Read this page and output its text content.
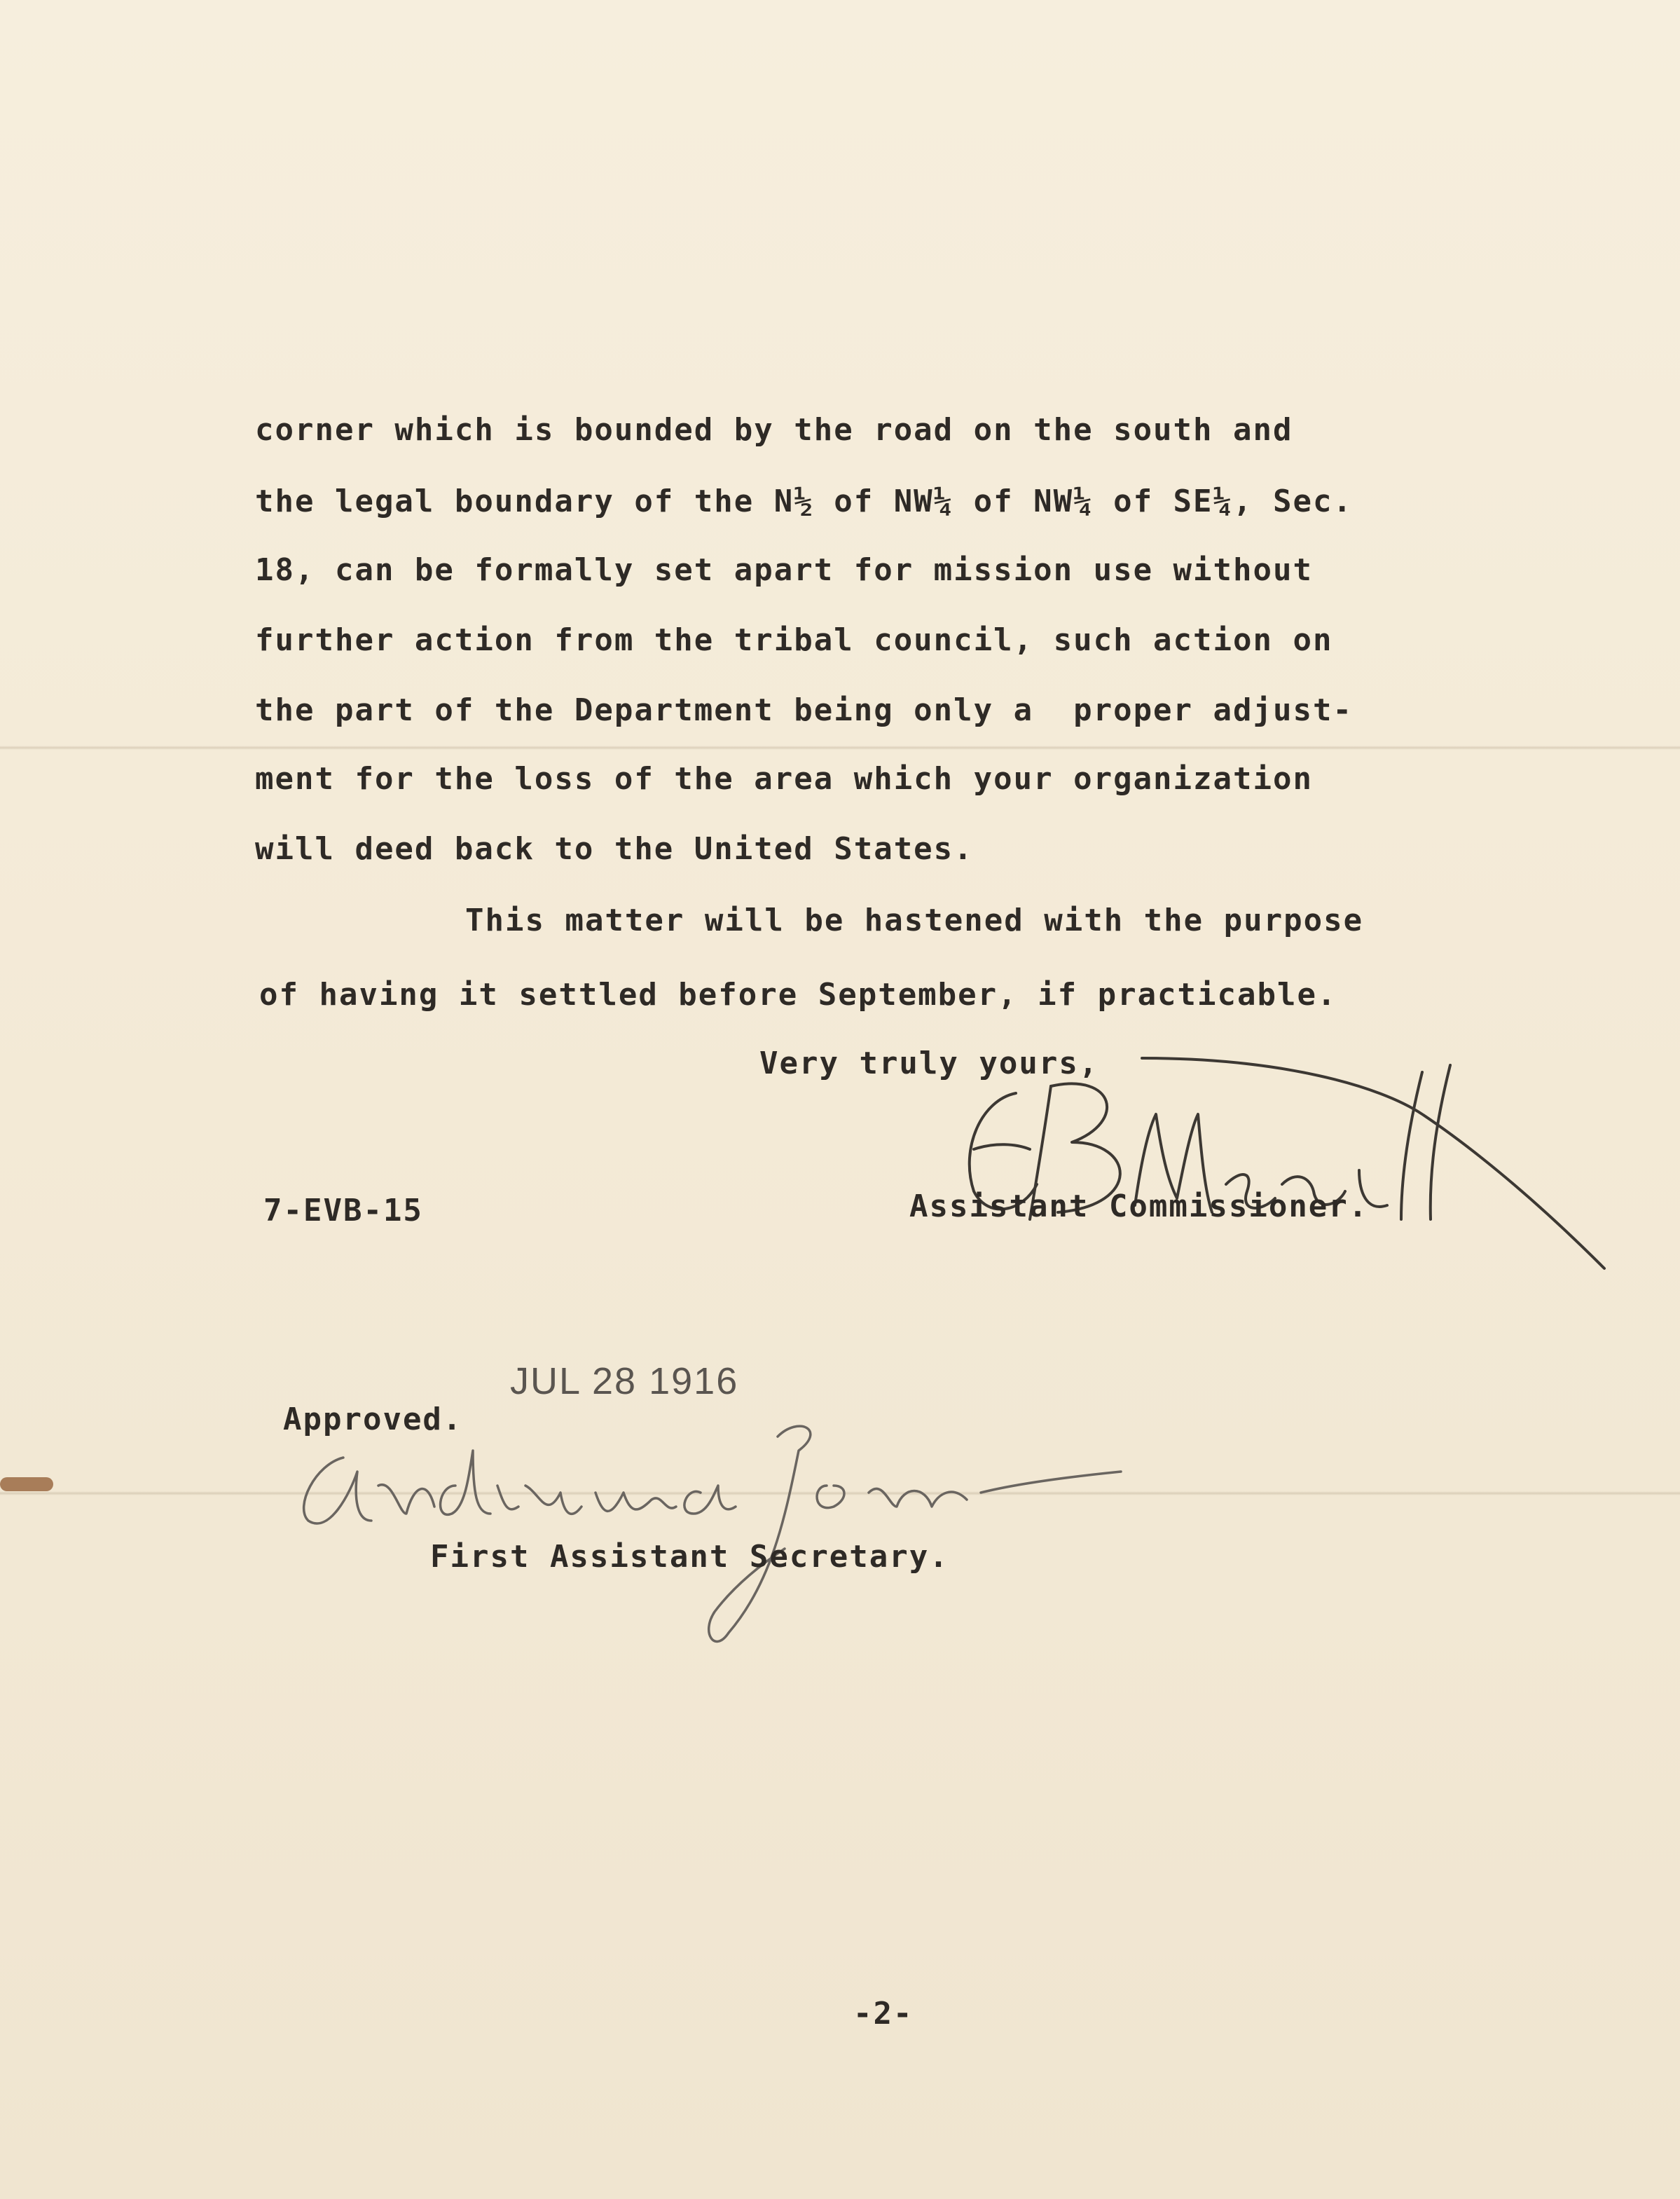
corner which is bounded by the road on the south and
the legal boundary of the N½ of NW¼ of NW¼ of SE¼, Sec.
18, can be formally set apart for mission use without
further action from the tribal council, such action on
the part of the Department being only a  proper adjust-
ment for the loss of the area which your organization
will deed back to the United States.
This matter will be hastened with the purpose
of having it settled before September, if practicable.
Very truly yours,
Assistant Commissioner.
7-EVB-15
JUL 28 1916
Approved.
First Assistant Secretary.
-2-
